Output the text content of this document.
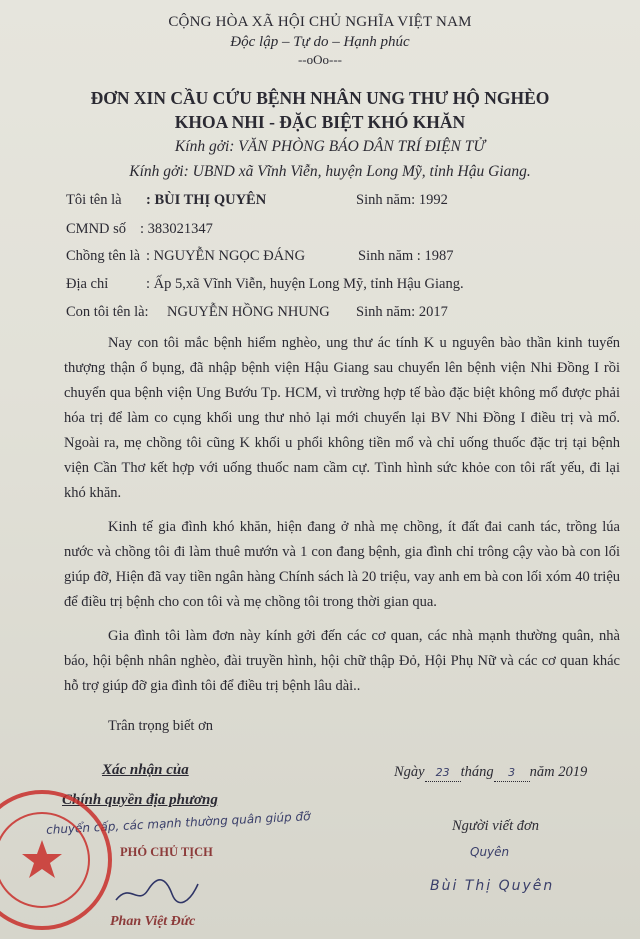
CỘNG HÒA XÃ HỘI CHỦ NGHĨA VIỆT NAM
Độc lập – Tự do – Hạnh phúc
--oOo---
ĐƠN XIN CẦU CỨU BỆNH NHÂN UNG THƯ HỘ NGHÈO
KHOA NHI - ĐẶC BIỆT KHÓ KHĂN
Kính gởi: VĂN PHÒNG BÁO DÂN TRÍ ĐIỆN TỬ
Kính gởi: UBND xã Vĩnh Viễn, huyện Long Mỹ, tỉnh Hậu Giang.
Tôi tên là : BÙI THỊ QUYÊN	Sinh năm: 1992
CMND số : 383021347
Chồng tên là : NGUYỄN NGỌC ĐÁNG	Sinh năm : 1987
Địa chỉ	: Ấp 5,xã Vĩnh Viễn, huyện Long Mỹ, tỉnh Hậu Giang.
Con tôi tên là: NGUYỄN HỒNG NHUNG Sinh năm: 2017
Nay con tôi mắc bệnh hiểm nghèo, ung thư ác tính K u nguyên bào thần kinh tuyến thượng thận ổ bụng, đã nhập bệnh viện Hậu Giang sau chuyển lên bệnh viện Nhi Đồng I rồi chuyển qua bệnh viện Ung Bướu Tp. HCM, vì trường hợp tế bào đặc biệt không mổ được phải hóa trị để làm co cụng khối ung thư nhỏ lại mới chuyển lại BV Nhi Đồng I điều trị và mổ. Ngoài ra, mẹ chồng tôi cũng K khối u phổi không tiền mổ và chỉ uống thuốc đặc trị tại bệnh viện Cần Thơ kết hợp với uống thuốc nam cầm cự. Tình hình sức khỏe con tôi rất yếu, đi lại khó khăn.
Kinh tế gia đình khó khăn, hiện đang ở nhà mẹ chồng, ít đất đai canh tác, trồng lúa nước và chồng tôi đi làm thuê mướn và 1 con đang bệnh, gia đình chỉ trông cậy vào bà con lối giúp đỡ, Hiện đã vay tiền ngân hàng Chính sách là 20 triệu, vay anh em bà con lối xóm 40 triệu để điều trị bệnh cho con tôi và mẹ chồng tôi trong thời gian qua.
Gia đình tôi làm đơn này kính gởi đến các cơ quan, các nhà mạnh thường quân, nhà báo, hội bệnh nhân nghèo, đài truyền hình, hội chữ thập Đỏ, Hội Phụ Nữ và các cơ quan khác hỗ trợ giúp đỡ gia đình tôi để điều trị bệnh lâu dài..
Trân trọng biết ơn
Xác nhận của
Chính quyền địa phương
chuyển cấp, các mạnh thường quân giúp đỡ
PHÓ CHỦ TỊCH
Phan Việt Đức
Ngày 23 tháng 3 năm 2019
Người viết đơn
Quyên
Bùi Thị Quyên
